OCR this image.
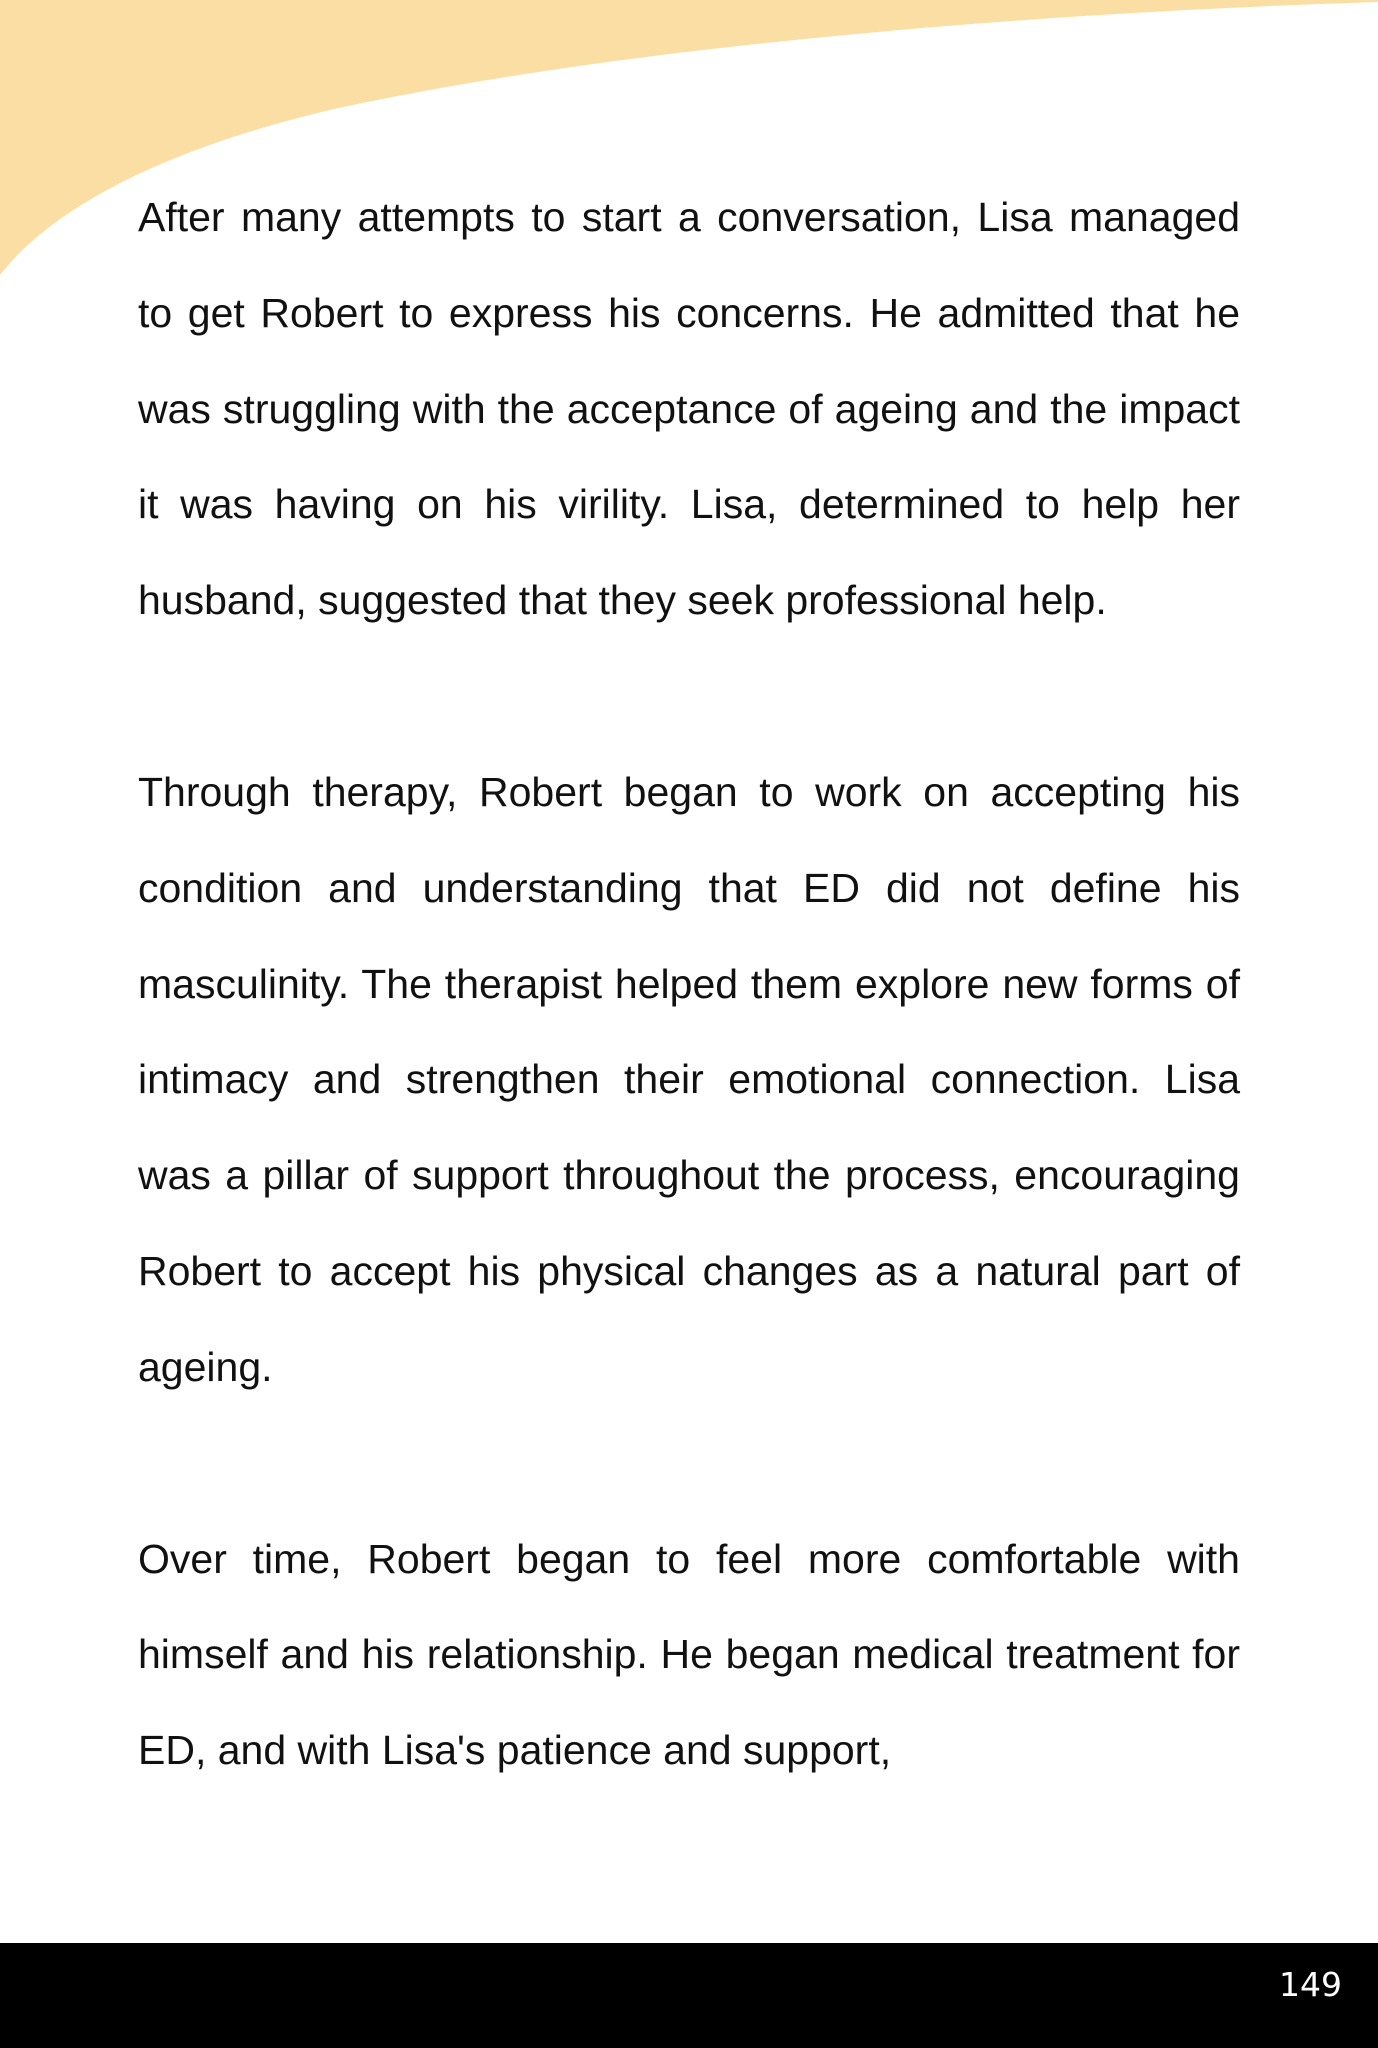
After many attempts to start a conversation, Lisa managed to get Robert to express his concerns. He admitted that he was struggling with the acceptance of ageing and the impact it was having on his virility. Lisa, determined to help her husband, suggested that they seek professional help.

Through therapy, Robert began to work on accepting his condition and understanding that ED did not define his masculinity. The therapist helped them explore new forms of intimacy and strengthen their emotional connection. Lisa was a pillar of support throughout the process, encouraging Robert to accept his physical changes as a natural part of ageing.

Over time, Robert began to feel more comfortable with himself and his relationship. He began medical treatment for ED, and with Lisa's patience and support,

149
